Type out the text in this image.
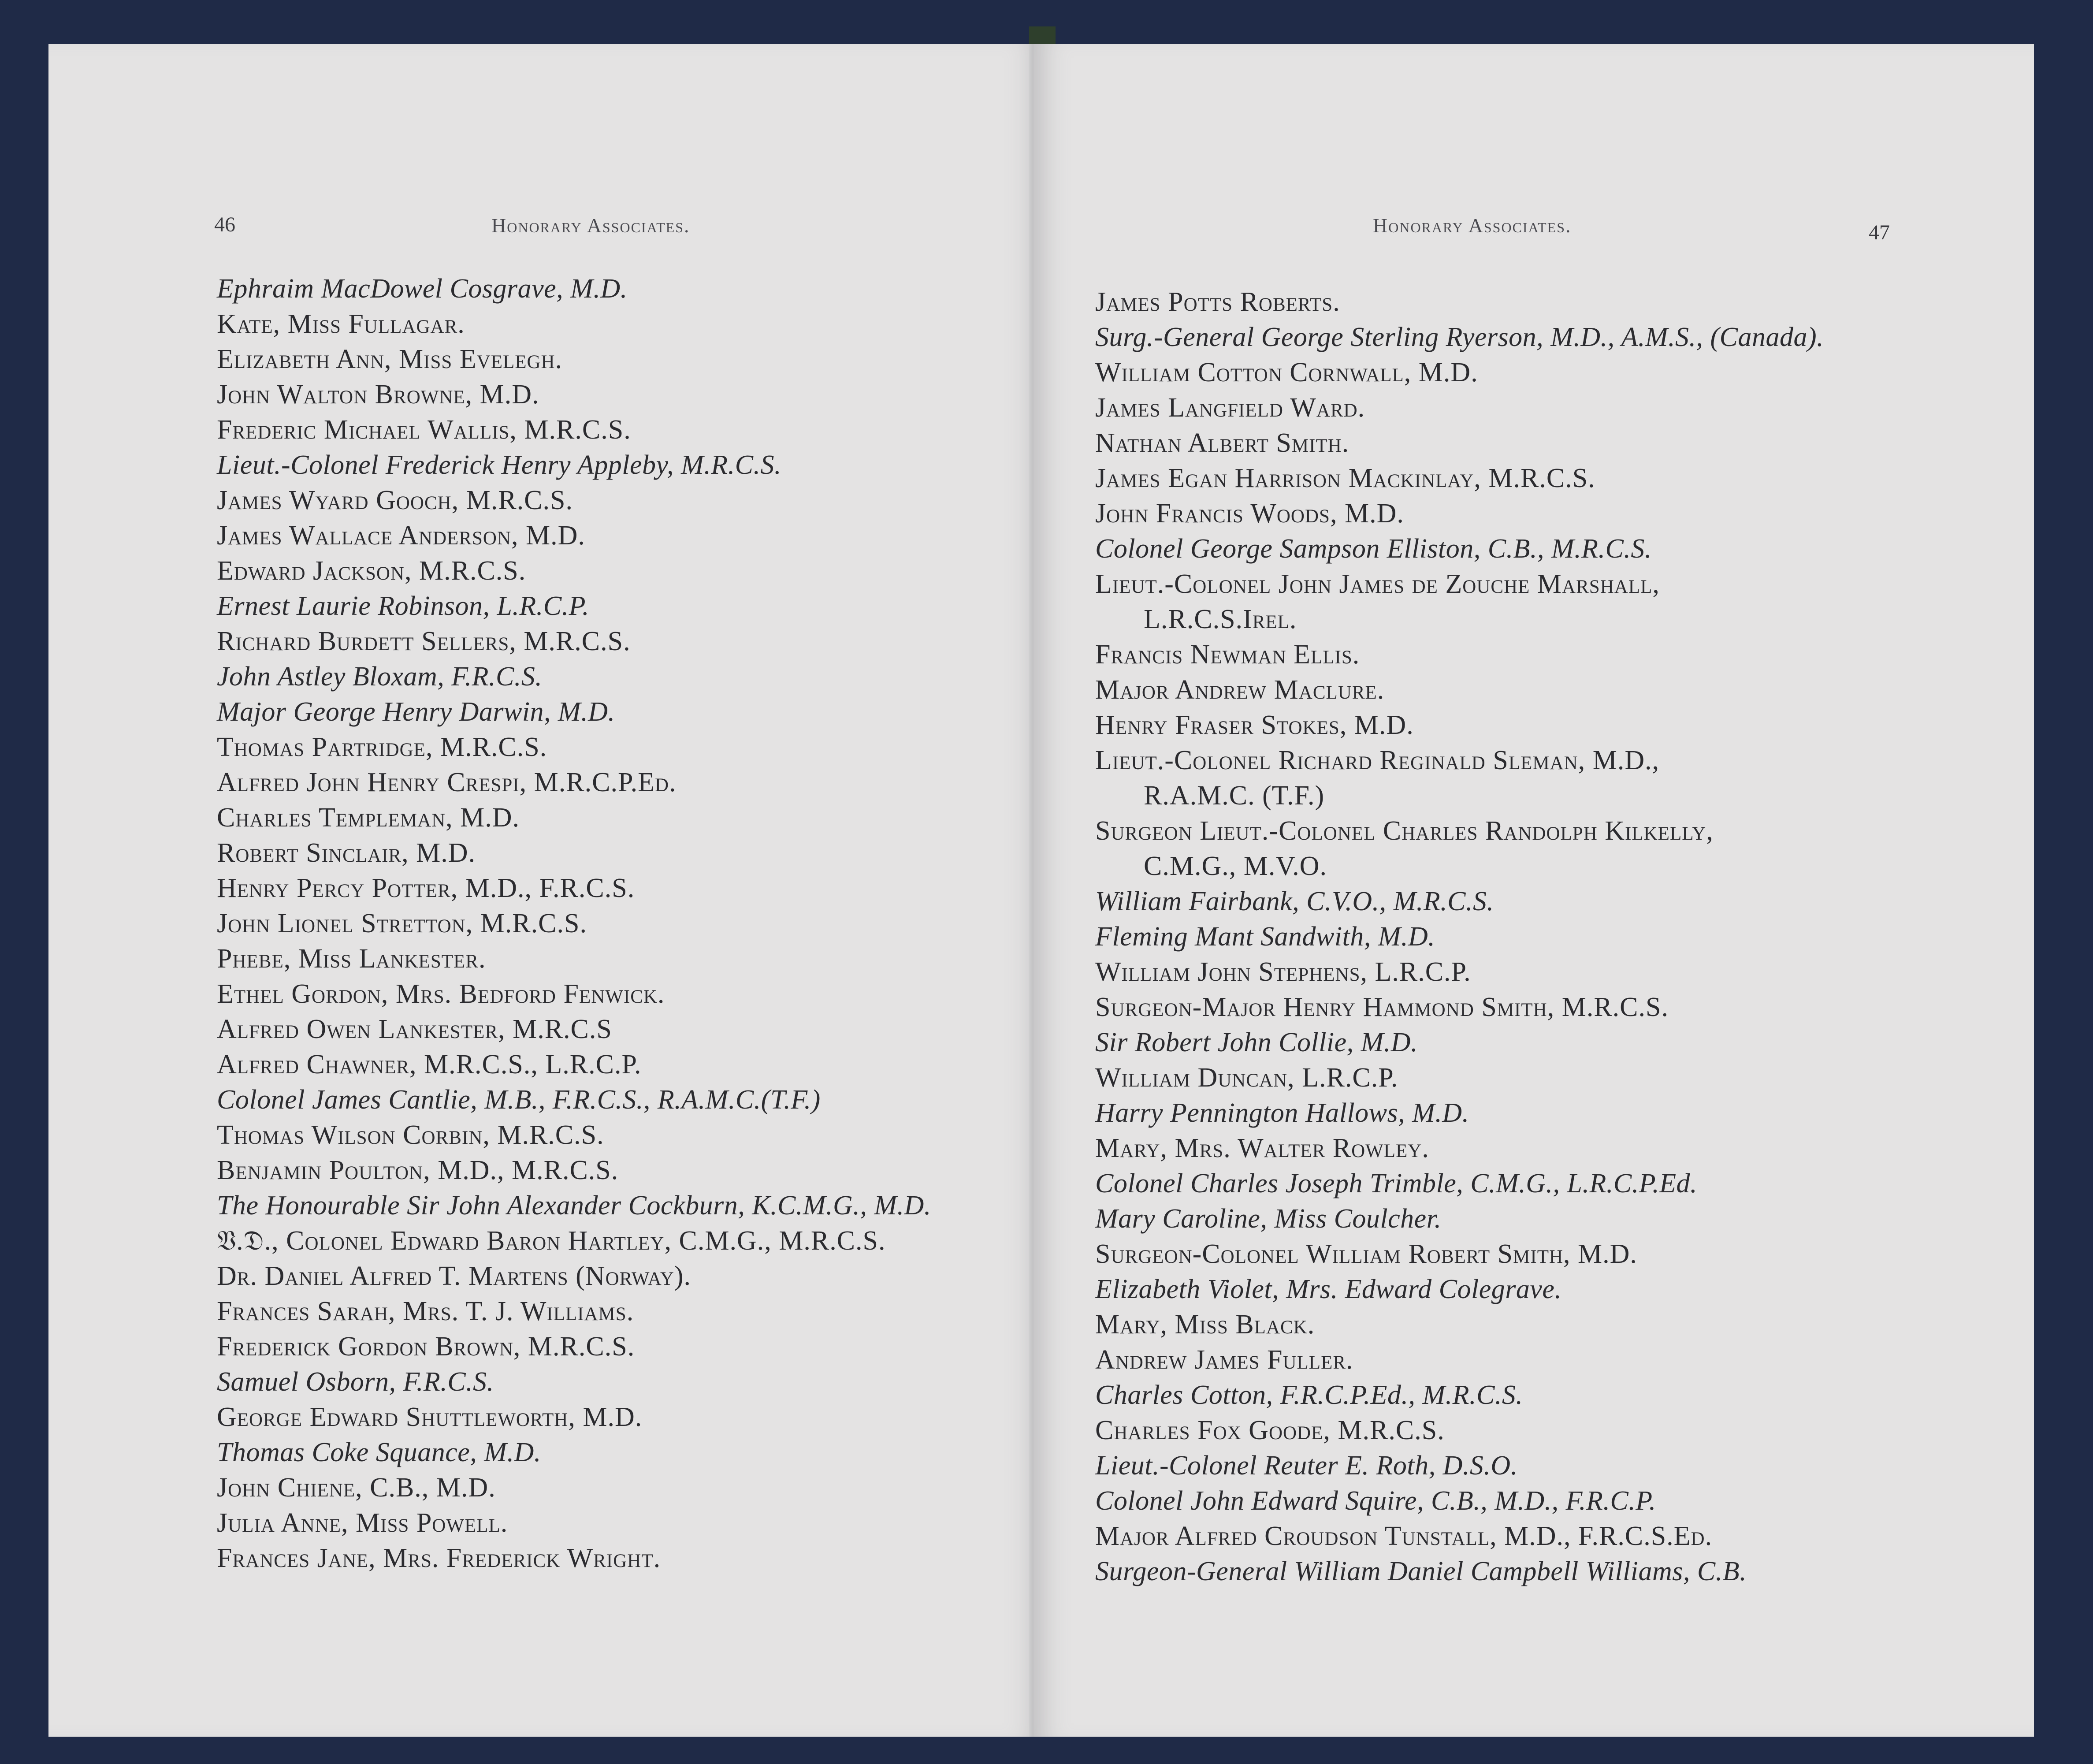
46	Honorary Associates.
Ephraim MacDowel Cosgrave, M.D.
Kate, Miss Fullagar.
Elizabeth Ann, Miss Evelegh.
John Walton Browne, M.D.
Frederic Michael Wallis, M.R.C.S.
Lieut.-Colonel Frederick Henry Appleby, M.R.C.S.
James Wyard Gooch, M.R.C.S.
James Wallace Anderson, M.D.
Edward Jackson, M.R.C.S.
Ernest Laurie Robinson, L.R.C.P.
Richard Burdett Sellers, M.R.C.S.
John Astley Bloxam, F.R.C.S.
Major George Henry Darwin, M.D.
Thomas Partridge, M.R.C.S.
Alfred John Henry Crespi, M.R.C.P.Ed.
Charles Templeman, M.D.
Robert Sinclair, M.D.
Henry Percy Potter, M.D., F.R.C.S.
John Lionel Stretton, M.R.C.S.
Phebe, Miss Lankester.
Ethel Gordon, Mrs. Bedford Fenwick.
Alfred Owen Lankester, M.R.C.S
Alfred Chawner, M.R.C.S., L.R.C.P.
Colonel James Cantlie, M.B., F.R.C.S., R.A.M.C.(T.F.)
Thomas Wilson Corbin, M.R.C.S.
Benjamin Poulton, M.D., M.R.C.S.
The Honourable Sir John Alexander Cockburn, K.C.M.G., M.D.
𝔙.𝔇., Colonel Edward Baron Hartley, C.M.G., M.R.C.S.
Dr. Daniel Alfred T. Martens (Norway).
Frances Sarah, Mrs. T. J. Williams.
Frederick Gordon Brown, M.R.C.S.
Samuel Osborn, F.R.C.S.
George Edward Shuttleworth, M.D.
Thomas Coke Squance, M.D.
John Chiene, C.B., M.D.
Julia Anne, Miss Powell.
Frances Jane, Mrs. Frederick Wright.
Honorary Associates.	47
James Potts Roberts.
Surg.-General George Sterling Ryerson, M.D., A.M.S., (Canada).
William Cotton Cornwall, M.D.
James Langfield Ward.
Nathan Albert Smith.
James Egan Harrison Mackinlay, M.R.C.S.
John Francis Woods, M.D.
Colonel George Sampson Elliston, C.B., M.R.C.S.
Lieut.-Colonel John James de Zouche Marshall,
L.R.C.S.Irel.
Francis Newman Ellis.
Major Andrew Maclure.
Henry Fraser Stokes, M.D.
Lieut.-Colonel Richard Reginald Sleman, M.D.,
R.A.M.C. (T.F.)
Surgeon Lieut.-Colonel Charles Randolph Kilkelly,
C.M.G., M.V.O.
William Fairbank, C.V.O., M.R.C.S.
Fleming Mant Sandwith, M.D.
William John Stephens, L.R.C.P.
Surgeon-Major Henry Hammond Smith, M.R.C.S.
Sir Robert John Collie, M.D.
William Duncan, L.R.C.P.
Harry Pennington Hallows, M.D.
Mary, Mrs. Walter Rowley.
Colonel Charles Joseph Trimble, C.M.G., L.R.C.P.Ed.
Mary Caroline, Miss Coulcher.
Surgeon-Colonel William Robert Smith, M.D.
Elizabeth Violet, Mrs. Edward Colegrave.
Mary, Miss Black.
Andrew James Fuller.
Charles Cotton, F.R.C.P.Ed., M.R.C.S.
Charles Fox Goode, M.R.C.S.
Lieut.-Colonel Reuter E. Roth, D.S.O.
Colonel John Edward Squire, C.B., M.D., F.R.C.P.
Major Alfred Croudson Tunstall, M.D., F.R.C.S.Ed.
Surgeon-General William Daniel Campbell Williams, C.B.
